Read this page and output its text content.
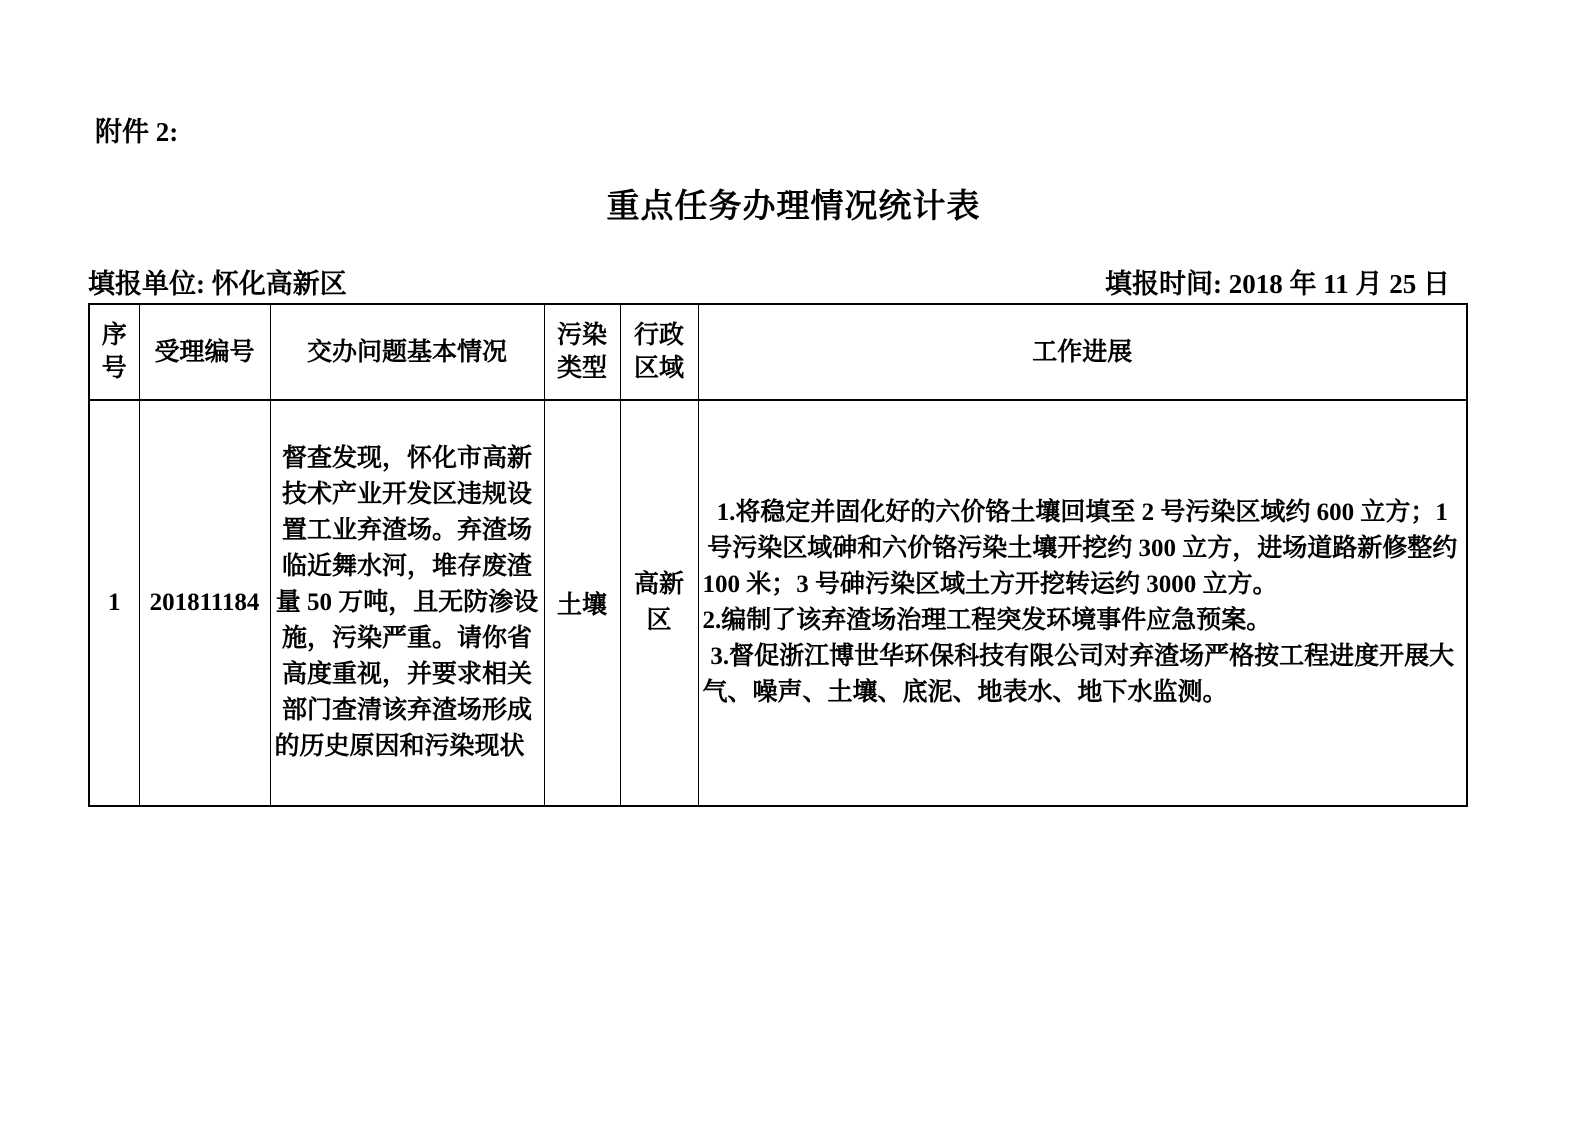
附件 2:
重点任务办理情况统计表
填报单位: 怀化高新区	填报时间: 2018 年 11 月 25 日
序号	受理编号	交办问题基本情况	污染类型	行政区域	工作进展
1	201811184	督查发现，怀化市高新技术产业开发区违规设置工业弃渣场。弃渣场临近舞水河，堆存废渣量 50 万吨，且无防渗设施，污染严重。请你省高度重视，并要求相关部门查清该弃渣场形成的历史原因和污染现状	土壤	高新区	1.将稳定并固化好的六价铬土壤回填至 2 号污染区域约 600 立方；1 号污染区域砷和六价铬污染土壤开挖约 300 立方，进场道路新修整约 100 米；3 号砷污染区域土方开挖转运约 3000 立方。

2.编制了该弃渣场治理工程突发环境事件应急预案。

3.督促浙江博世华环保科技有限公司对弃渣场严格按工程进度开展大气、噪声、土壤、底泥、地表水、地下水监测。
